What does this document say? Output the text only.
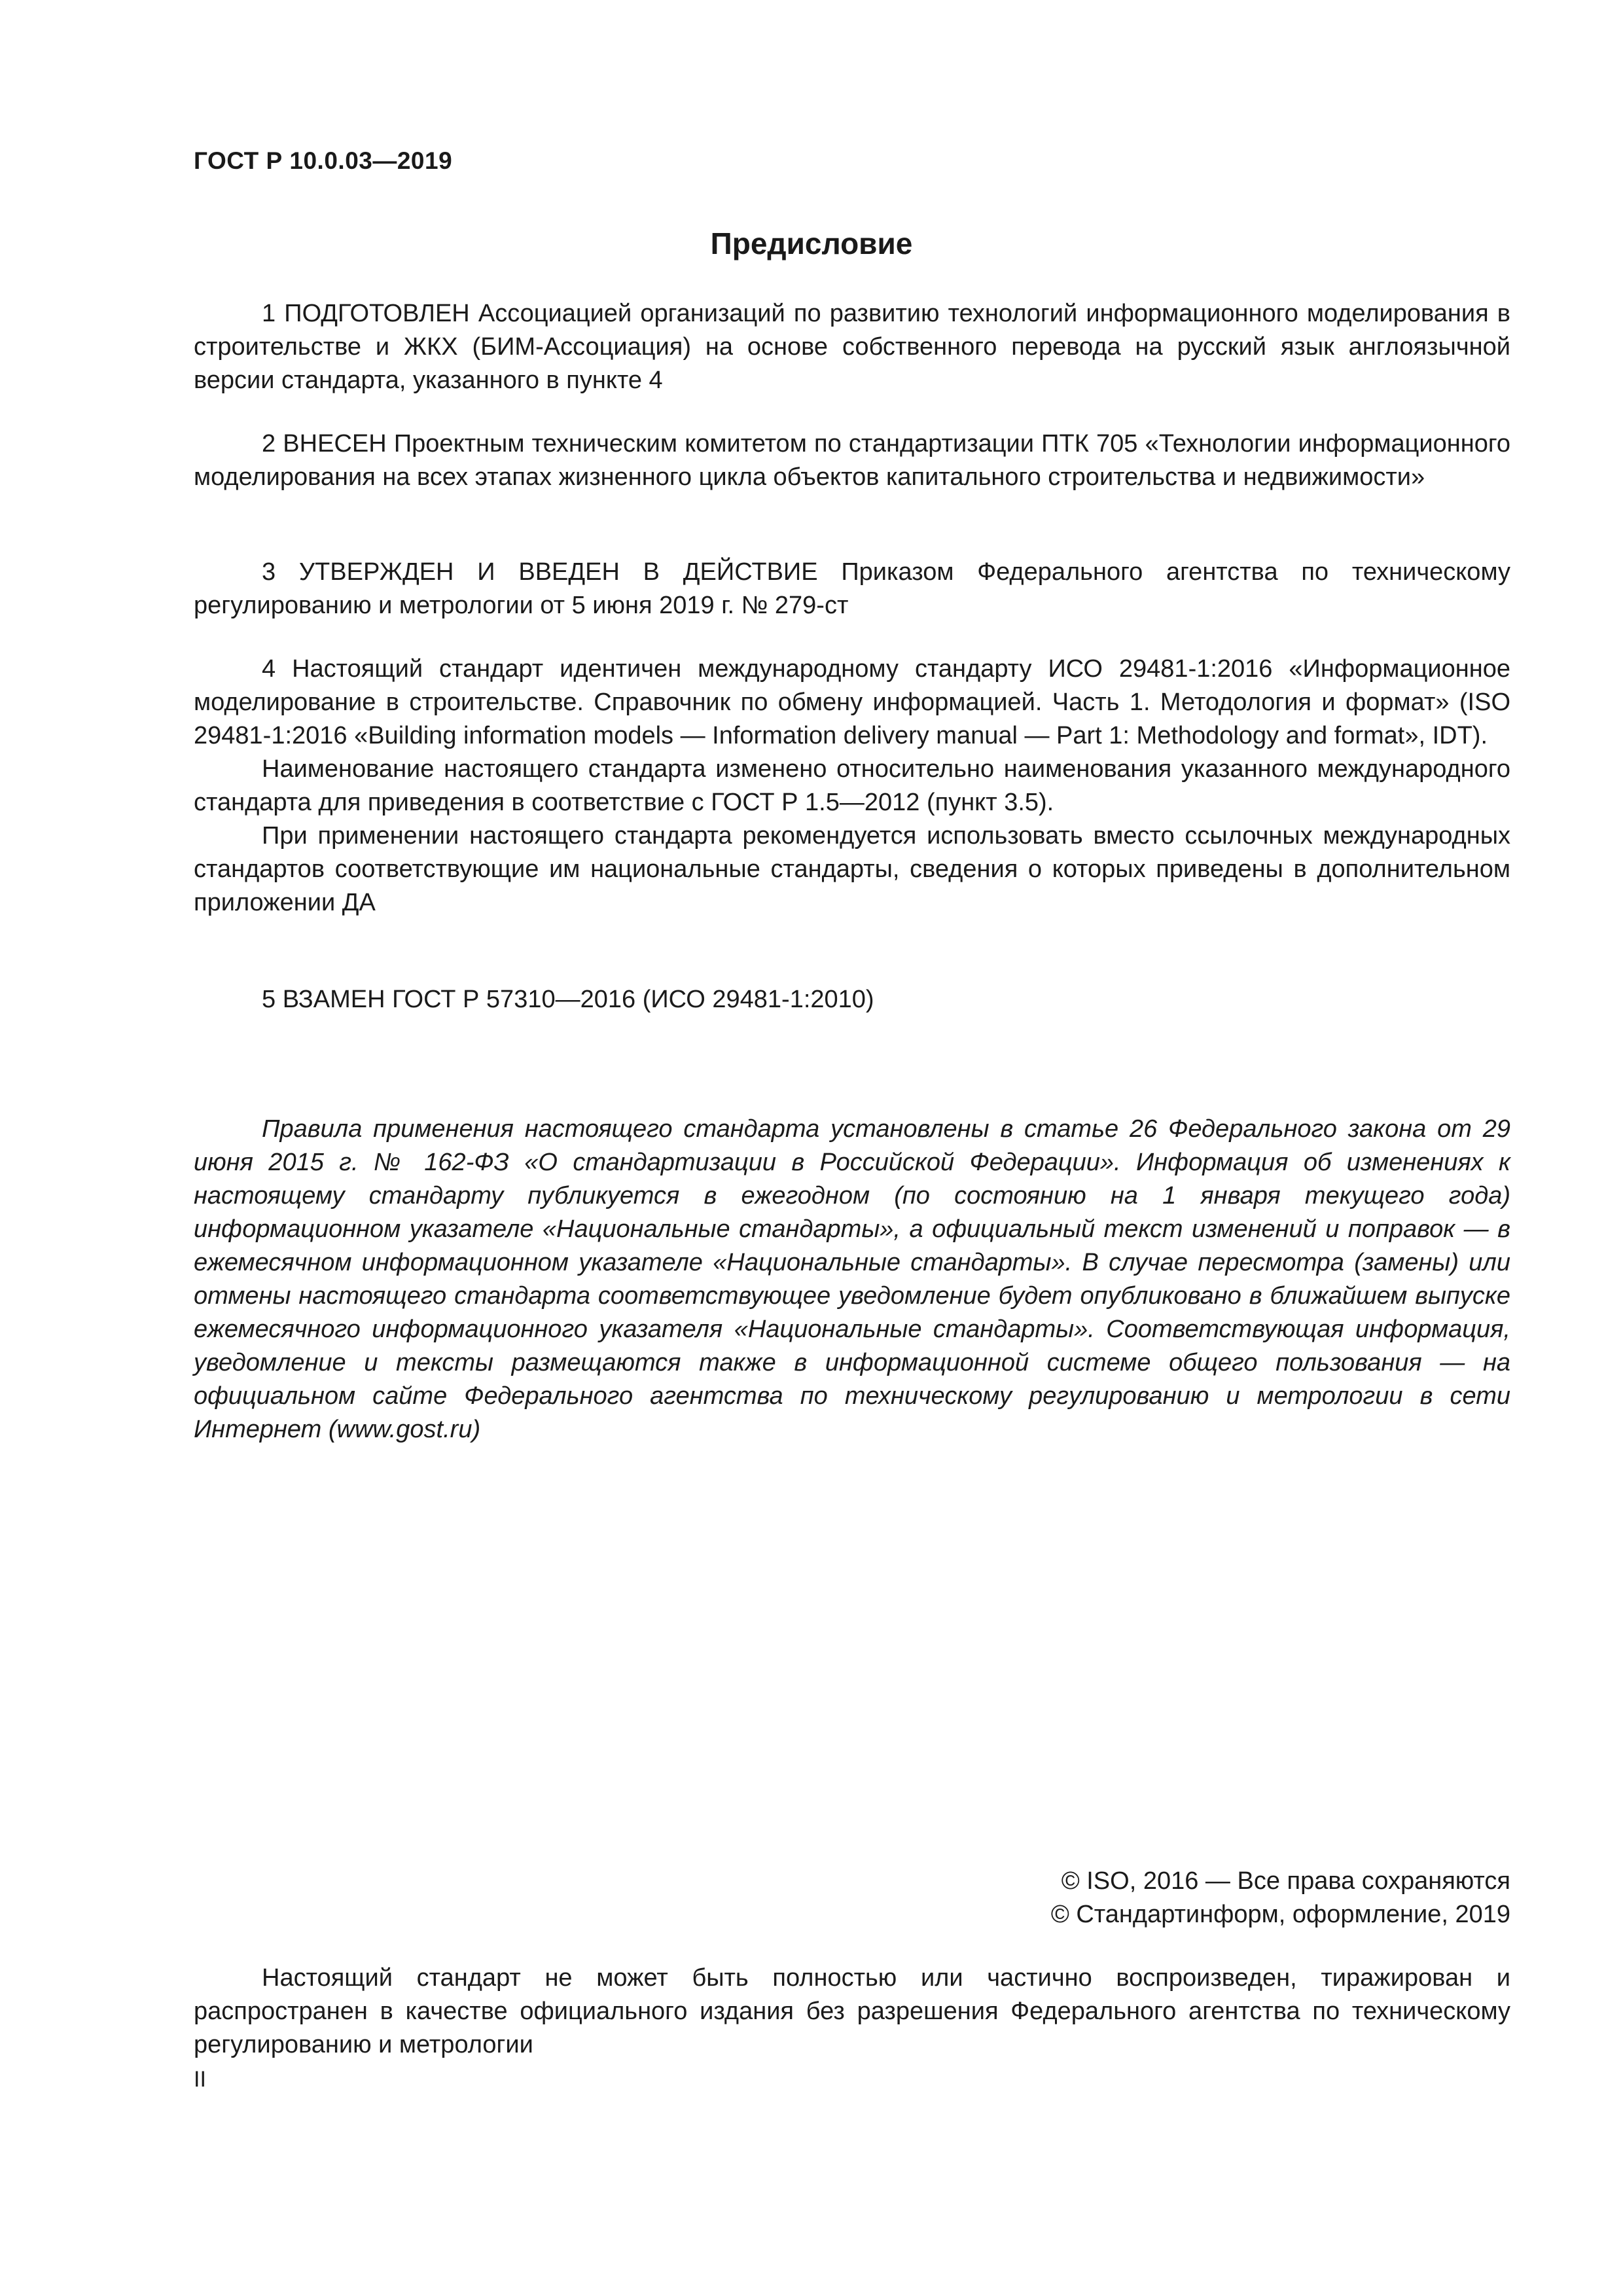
ГОСТ Р 10.0.03—2019
Предисловие

1 ПОДГОТОВЛЕН Ассоциацией организаций по развитию технологий информационного моделирования в строительстве и ЖКХ (БИМ-Ассоциация) на основе собственного перевода на русский язык англоязычной версии стандарта, указанного в пункте 4

2 ВНЕСЕН Проектным техническим комитетом по стандартизации ПТК 705 «Технологии информационного моделирования на всех этапах жизненного цикла объектов капитального строительства и недвижимости»

3 УТВЕРЖДЕН И ВВЕДЕН В ДЕЙСТВИЕ Приказом Федерального агентства по техническому регулированию и метрологии от 5 июня 2019 г. № 279-ст

4 Настоящий стандарт идентичен международному стандарту ИСО 29481-1:2016 «Информационное моделирование в строительстве. Справочник по обмену информацией. Часть 1. Методология и формат» (ISO 29481-1:2016 «Building information models — Information delivery manual — Part 1: Methodology and format», IDT).

Наименование настоящего стандарта изменено относительно наименования указанного международного стандарта для приведения в соответствие с ГОСТ Р 1.5—2012 (пункт 3.5).

При применении настоящего стандарта рекомендуется использовать вместо ссылочных международных стандартов соответствующие им национальные стандарты, сведения о которых приведены в дополнительном приложении ДА

5 ВЗАМЕН ГОСТ Р 57310—2016 (ИСО 29481-1:2010)

Правила применения настоящего стандарта установлены в статье 26 Федерального закона от 29 июня 2015 г. № 162-ФЗ «О стандартизации в Российской Федерации». Информация об изменениях к настоящему стандарту публикуется в ежегодном (по состоянию на 1 января текущего года) информационном указателе «Национальные стандарты», а официальный текст изменений и поправок — в ежемесячном информационном указателе «Национальные стандарты». В случае пересмотра (замены) или отмены настоящего стандарта соответствующее уведомление будет опубликовано в ближайшем выпуске ежемесячного информационного указателя «Национальные стандарты». Соответствующая информация, уведомление и тексты размещаются также в информационной системе общего пользования — на официальном сайте Федерального агентства по техническому регулированию и метрологии в сети Интернет (www.gost.ru)

© ISO, 2016 — Все права сохраняются
© Стандартинформ, оформление, 2019

Настоящий стандарт не может быть полностью или частично воспроизведен, тиражирован и распространен в качестве официального издания без разрешения Федерального агентства по техническому регулированию и метрологии

II
